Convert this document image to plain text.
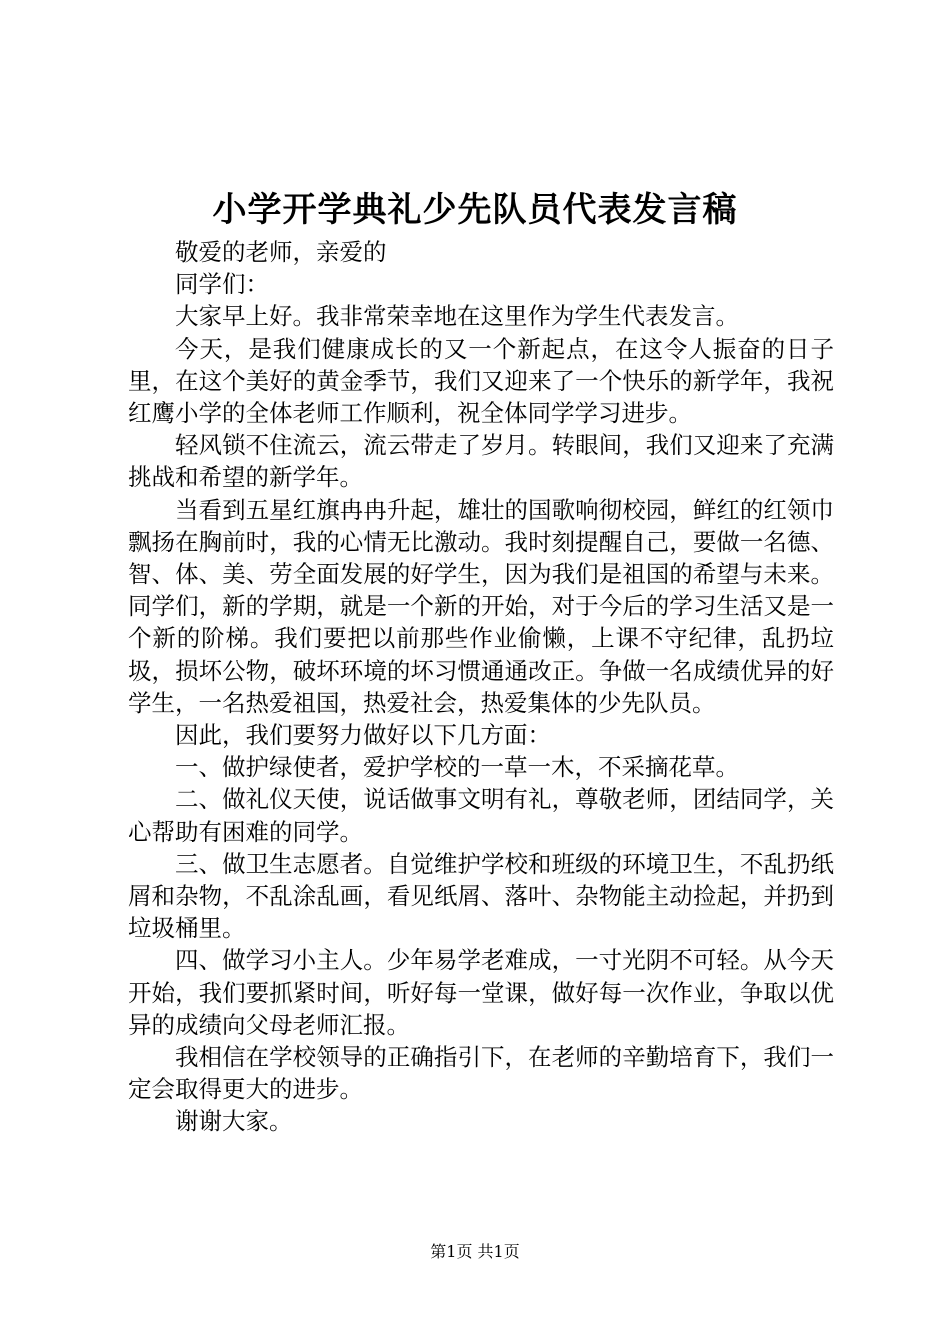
小学开学典礼少先队员代表发言稿

敬爱的老师，亲爱的

同学们：

大家早上好。我非常荣幸地在这里作为学生代表发言。

今天，是我们健康成长的又一个新起点，在这令人振奋的日子里，在这个美好的黄金季节，我们又迎来了一个快乐的新学年，我祝红鹰小学的全体老师工作顺利，祝全体同学学习进步。

轻风锁不住流云，流云带走了岁月。转眼间，我们又迎来了充满挑战和希望的新学年。

当看到五星红旗冉冉升起，雄壮的国歌响彻校园，鲜红的红领巾飘扬在胸前时，我的心情无比激动。我时刻提醒自己，要做一名德、智、体、美、劳全面发展的好学生，因为我们是祖国的希望与未来。同学们，新的学期，就是一个新的开始，对于今后的学习生活又是一个新的阶梯。我们要把以前那些作业偷懒，上课不守纪律，乱扔垃圾，损坏公物，破坏环境的坏习惯通通改正。争做一名成绩优异的好学生，一名热爱祖国，热爱社会，热爱集体的少先队员。

因此，我们要努力做好以下几方面：

一、做护绿使者，爱护学校的一草一木，不采摘花草。

二、做礼仪天使，说话做事文明有礼，尊敬老师，团结同学，关心帮助有困难的同学。

三、做卫生志愿者。自觉维护学校和班级的环境卫生，不乱扔纸屑和杂物，不乱涂乱画，看见纸屑、落叶、杂物能主动捡起，并扔到垃圾桶里。

四、做学习小主人。少年易学老难成，一寸光阴不可轻。从今天开始，我们要抓紧时间，听好每一堂课，做好每一次作业，争取以优异的成绩向父母老师汇报。

我相信在学校领导的正确指引下，在老师的辛勤培育下，我们一定会取得更大的进步。

谢谢大家。

第1页 共1页
